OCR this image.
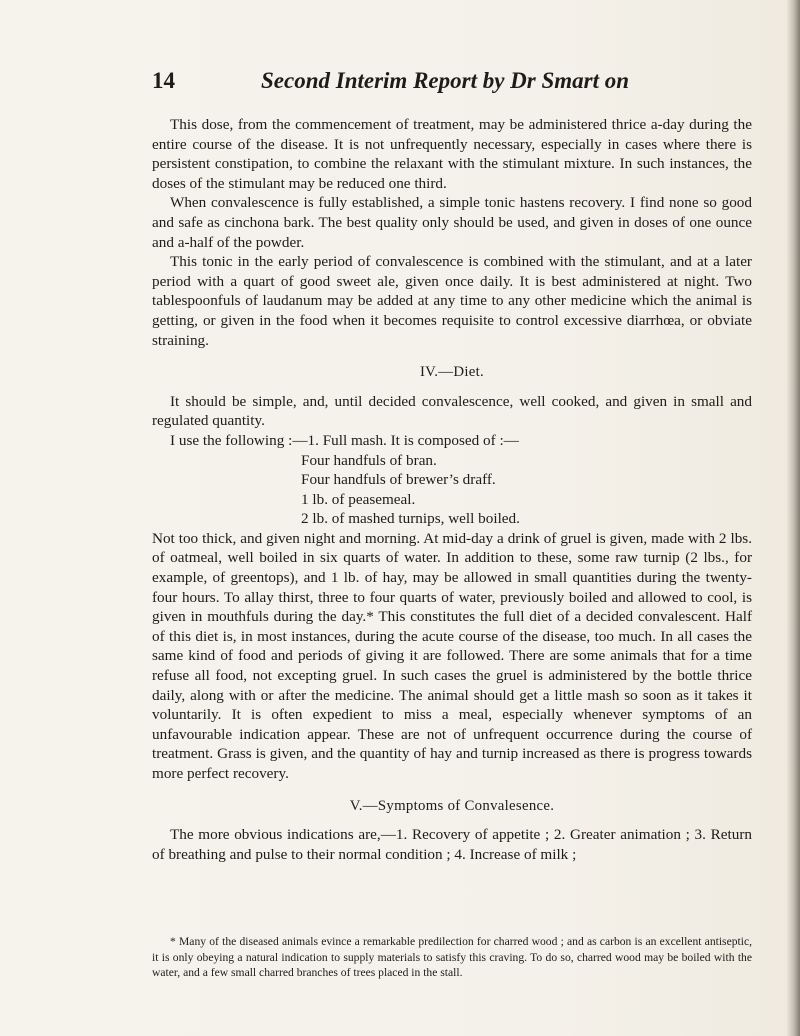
14	Second Interim Report by Dr Smart on

This dose, from the commencement of treatment, may be administered thrice a-day during the entire course of the disease. It is not unfrequently necessary, especially in cases where there is persistent constipation, to combine the relaxant with the stimulant mixture. In such instances, the doses of the stimulant may be reduced one third.

When convalescence is fully established, a simple tonic hastens recovery. I find none so good and safe as cinchona bark. The best quality only should be used, and given in doses of one ounce and a-half of the powder.

This tonic in the early period of convalescence is combined with the stimulant, and at a later period with a quart of good sweet ale, given once daily. It is best administered at night. Two tablespoonfuls of laudanum may be added at any time to any other medicine which the animal is getting, or given in the food when it becomes requisite to control excessive diarrhœa, or obviate straining.

IV.—Diet.

It should be simple, and, until decided convalescence, well cooked, and given in small and regulated quantity.

I use the following :—1. Full mash. It is composed of :—

Four handfuls of bran.
Four handfuls of brewer’s draff.
1 lb. of peasemeal.
2 lb. of mashed turnips, well boiled.

Not too thick, and given night and morning. At mid-day a drink of gruel is given, made with 2 lbs. of oatmeal, well boiled in six quarts of water. In addition to these, some raw turnip (2 lbs., for example, of greentops), and 1 lb. of hay, may be allowed in small quantities during the twenty-four hours. To allay thirst, three to four quarts of water, previously boiled and allowed to cool, is given in mouthfuls during the day.* This constitutes the full diet of a decided convalescent. Half of this diet is, in most instances, during the acute course of the disease, too much. In all cases the same kind of food and periods of giving it are followed. There are some animals that for a time refuse all food, not excepting gruel. In such cases the gruel is administered by the bottle thrice daily, along with or after the medicine. The animal should get a little mash so soon as it takes it voluntarily. It is often expedient to miss a meal, especially whenever symptoms of an unfavourable indication appear. These are not of unfrequent occurrence during the course of treatment. Grass is given, and the quantity of hay and turnip increased as there is progress towards more perfect recovery.

V.—Symptoms of Convalesence.

The more obvious indications are,—1. Recovery of appetite ; 2. Greater animation ; 3. Return of breathing and pulse to their normal condition ; 4. Increase of milk ;

* Many of the diseased animals evince a remarkable predilection for charred wood ; and as carbon is an excellent antiseptic, it is only obeying a natural indication to supply materials to satisfy this craving. To do so, charred wood may be boiled with the water, and a few small charred branches of trees placed in the stall.
